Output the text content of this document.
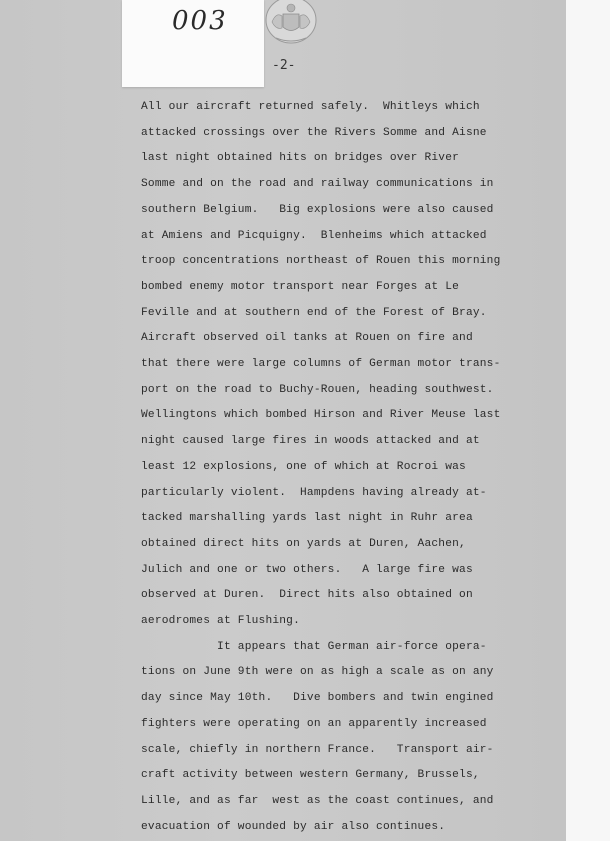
003
-2-
All our aircraft returned safely.  Whitleys which
attacked crossings over the Rivers Somme and Aisne
last night obtained hits on bridges over River
Somme and on the road and railway communications in
southern Belgium.   Big explosions were also caused
at Amiens and Picquigny.  Blenheims which attacked
troop concentrations northeast of Rouen this morning
bombed enemy motor transport near Forges at Le
Feville and at southern end of the Forest of Bray.
Aircraft observed oil tanks at Rouen on fire and
that there were large columns of German motor trans-
port on the road to Buchy-Rouen, heading southwest.
Wellingtons which bombed Hirson and River Meuse last
night caused large fires in woods attacked and at
least 12 explosions, one of which at Rocroi was
particularly violent.  Hampdens having already at-
tacked marshalling yards last night in Ruhr area
obtained direct hits on yards at Duren, Aachen,
Julich and one or two others.   A large fire was
observed at Duren.  Direct hits also obtained on
aerodromes at Flushing.
It appears that German air-force opera-
tions on June 9th were on as high a scale as on any
day since May 10th.   Dive bombers and twin engined
fighters were operating on an apparently increased
scale, chiefly in northern France.   Transport air-
craft activity between western Germany, Brussels,
Lille, and as far  west as the coast continues, and
evacuation of wounded by air also continues.
